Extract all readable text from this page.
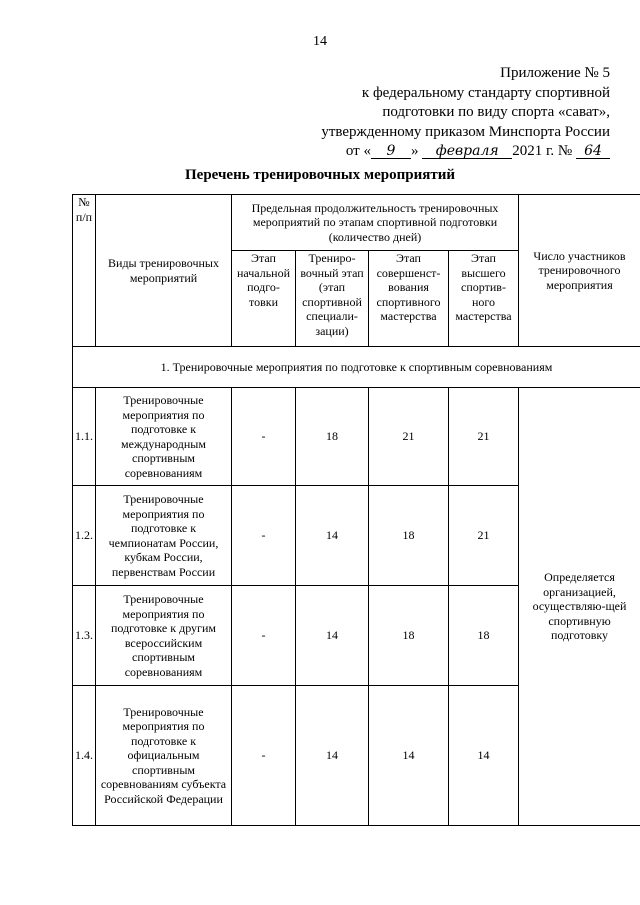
14
Приложение № 5
к федеральному стандарту спортивной
подготовки по виду спорта «сават»,
утвержденному приказом Минспорта России
от « 9 » февраля 2021 г. № 64
Перечень тренировочных мероприятий
№ п/п	Виды тренировочных мероприятий	Предельная продолжительность тренировочных мероприятий по этапам спортивной подготовки (количество дней)				Число участников тренировочного мероприятия
		Этап начальной подго-товки	Трениро-вочный этап (этап спортивной специали-зации)	Этап совершенст-вования спортивного мастерства	Этап высшего спортив-ного мастерства	
1. Тренировочные мероприятия по подготовке к спортивным соревнованиям						
1.1.	Тренировочные мероприятия по подготовке к международным спортивным соревнованиям	-	18	21	21	Определяется организацией, осуществляю-щей спортивную подготовку
1.2.	Тренировочные мероприятия по подготовке к чемпионатам России, кубкам России, первенствам России	-	14	18	21	
1.3.	Тренировочные мероприятия по подготовке к другим всероссийским спортивным соревнованиям	-	14	18	18	
1.4.	Тренировочные мероприятия по подготовке к официальным спортивным соревнованиям субъекта Российской Федерации	-	14	14	14	
